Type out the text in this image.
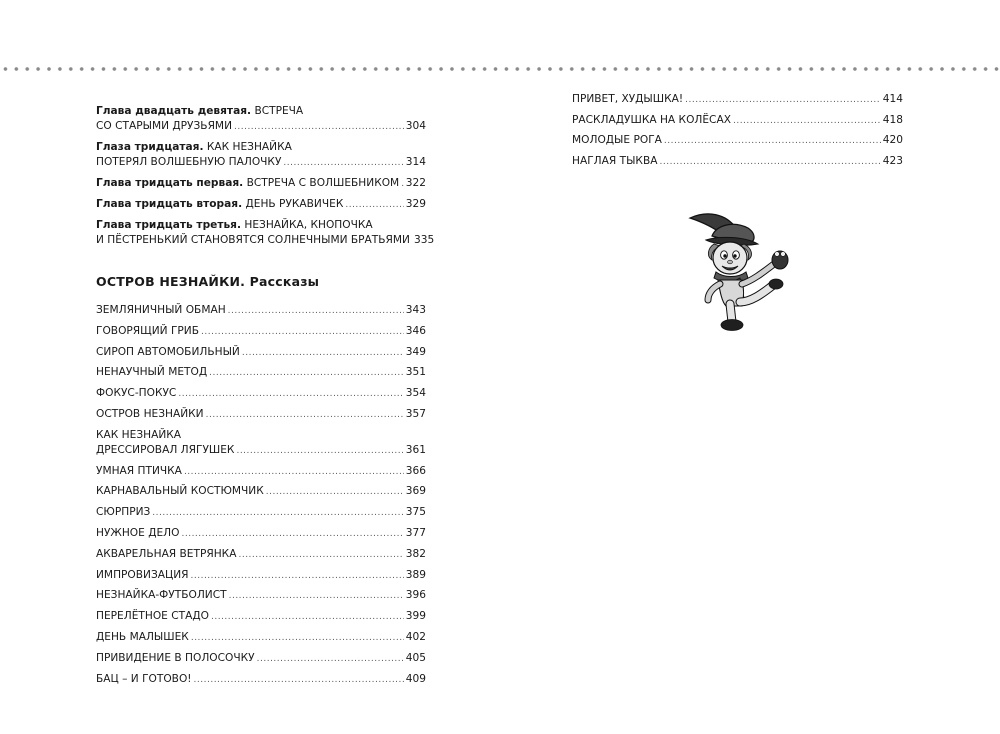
Глава двадцать девятая. ВСТРЕЧА
СО СТАРЫМИ ДРУЗЬЯМИ .....	304
Глаза тридцатая. КАК НЕЗНАЙКА
ПОТЕРЯЛ ВОЛШЕБНУЮ ПАЛОЧКУ .....	314
Глава тридцать первая. ВСТРЕЧА С ВОЛШЕБНИКОМ ..... 322
Глава тридцать вторая. ДЕНЬ РУКАВИЧЕК .....	329
Глава тридцать третья. НЕЗНАЙКА, КНОПОЧКА
И ПЁСТРЕНЬКИЙ СТАНОВЯТСЯ СОЛНЕЧНЫМИ БРАТЬЯМИ 335
ОСТРОВ НЕЗНАЙКИ. Рассказы
ЗЕМЛЯНИЧНЫЙ ОБМАН .....	343
ГОВОРЯЩИЙ ГРИБ .....	346
СИРОП АВТОМОБИЛЬНЫЙ .....	349
НЕНАУЧНЫЙ МЕТОД .....	351
ФОКУС-ПОКУС .....	354
ОСТРОВ НЕЗНАЙКИ .....	357
КАК НЕЗНАЙКА
ДРЕССИРОВАЛ ЛЯГУШЕК .....	361
УМНАЯ ПТИЧКА .....	366
КАРНАВАЛЬНЫЙ КОСТЮМЧИК .....	369
СЮРПРИЗ .....	375
НУЖНОЕ ДЕЛО .....	377
АКВАРЕЛЬНАЯ ВЕТРЯНКА .....	382
ИМПРОВИЗАЦИЯ .....	389
НЕЗНАЙКА-ФУТБОЛИСТ .....	396
ПЕРЕЛЁТНОЕ СТАДО .....	399
ДЕНЬ МАЛЫШЕК .....	402
ПРИВИДЕНИЕ В ПОЛОСОЧКУ .....	405
БАЦ – И ГОТОВО! .....	409
ПРИВЕТ, ХУДЫШКА! .....	414
РАСКЛАДУШКА НА КОЛЁСАХ .....	418
МОЛОДЫЕ РОГА .....	420
НАГЛАЯ ТЫКВА .....	423
